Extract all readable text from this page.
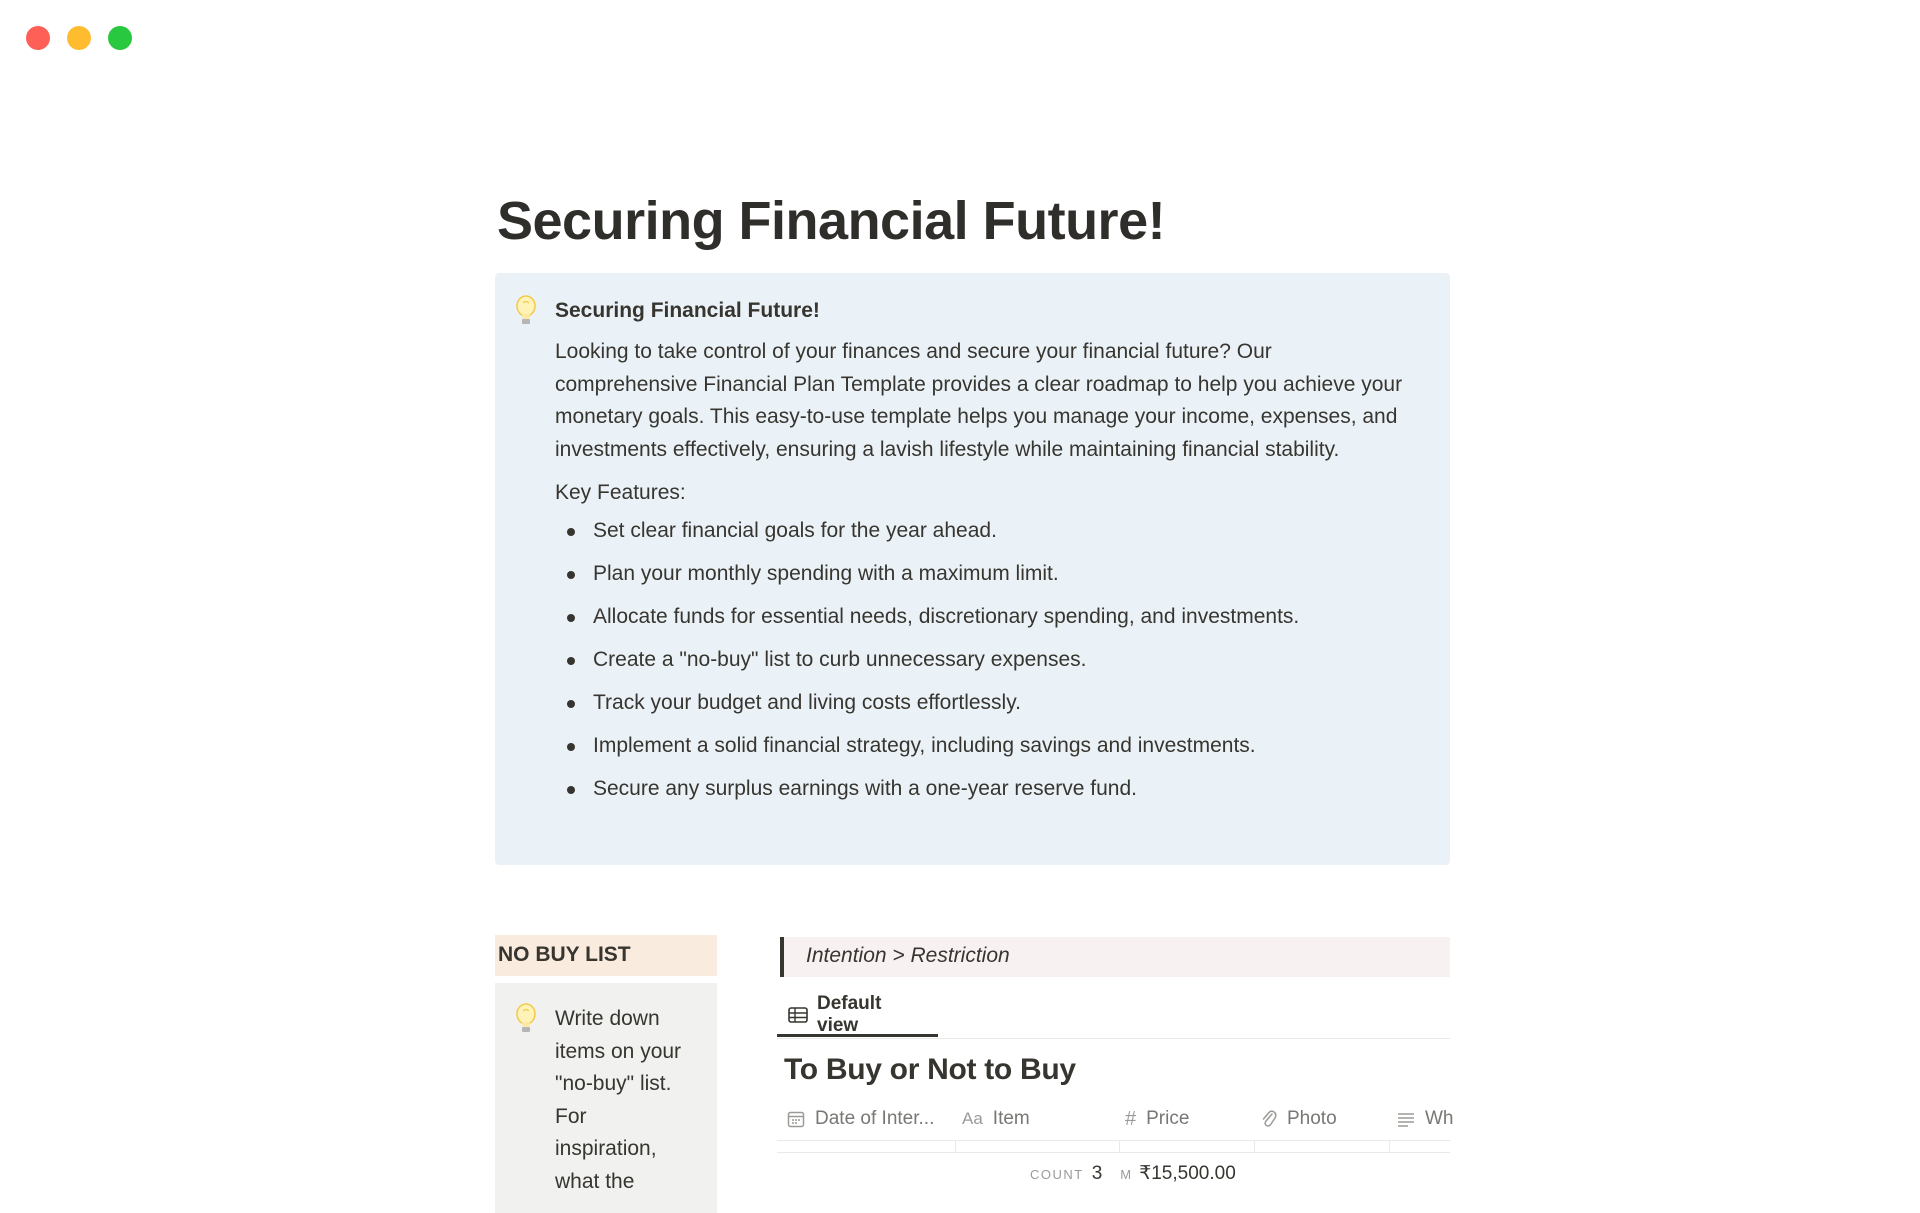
Securing Financial Future!

Securing Financial Future!

Looking to take control of your finances and secure your financial future? Our comprehensive Financial Plan Template provides a clear roadmap to help you achieve your monetary goals. This easy-to-use template helps you manage your income, expenses, and investments effectively, ensuring a lavish lifestyle while maintaining financial stability.

Key Features:

Set clear financial goals for the year ahead.
Plan your monthly spending with a maximum limit.
Allocate funds for essential needs, discretionary spending, and investments.
Create a "no-buy" list to curb unnecessary expenses.
Track your budget and living costs effortlessly.
Implement a solid financial strategy, including savings and investments.
Secure any surplus earnings with a one-year reserve fund.
NO BUY LIST

Write down
items on your
"no-buy" list.
For
inspiration,
what the

Intention > Restriction
Default view
To Buy or Not to Buy
Date of Inter... Aa Item	# Price	Photo	Wh
COUNT 3 M ₹15,500.00
